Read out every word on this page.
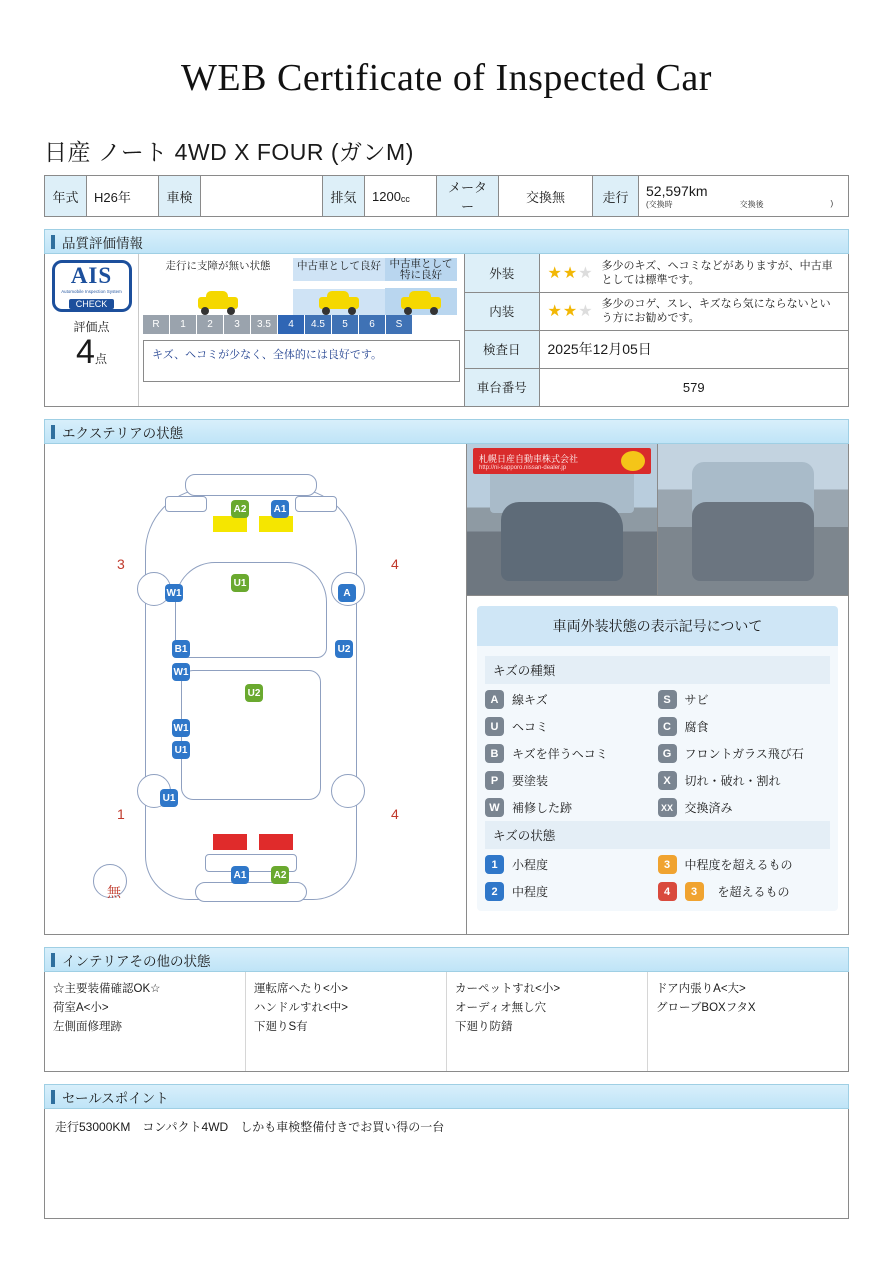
WEB Certificate of Inspected Car
日産 ノート 4WD X FOUR (ガンM)
年式	H26年	車検		排気	1200cc	メーター	交換無	走行	52,597km
(交換時	交換後	)
品質評価情報
AIS
Automobile Inspection System
CHECK
評価点
4点
走行に支障が無い状態	中古車として良好 中古車として特に良好
R	1	2	3	3.5	4	4.5	5	6	S
キズ、ヘコミが少なく、全体的には良好です。
外装	★★★ 多少のキズ、ヘコミなどがありますが、中古車としては標準です。

内装	★★★ 多少のコゲ、スレ、キズなら気にならないという方にお勧めです。

検査日	2025年12月05日
車台番号	579
エクステリアの状態
A2	A1
W1
U1
A
B1
W1
U2
U2
W1
U1
U1
A1	A2
3	4
1	4
無
札幌日産自動車株式会社
http://ni-sapporo.nissan-dealer.jp
車両外装状態の表示記号について
キズの種類
A	線キズ	S	サビ
U	ヘコミ	C	腐食
B	キズを伴うヘコミ	G	フロントガラス飛び石
P	要塗装	X	切れ・破れ・割れ
W	補修した跡	XX 交換済み
キズの状態
1	小程度	3	中程度を超えるもの
2	中程度	4	3	を超えるもの
インテリアその他の状態
☆主要装備確認OK☆
荷室A<小>
左側面修理跡
運転席へたり<小>
ハンドルすれ<中>
下廻りS有
カーペットすれ<小>
オーディオ無し穴
下廻り防錆
ドア内張りA<大>
グローブBOXフタX
セールスポイント
走行53000KM　コンパクト4WD　しかも車検整備付きでお買い得の一台
